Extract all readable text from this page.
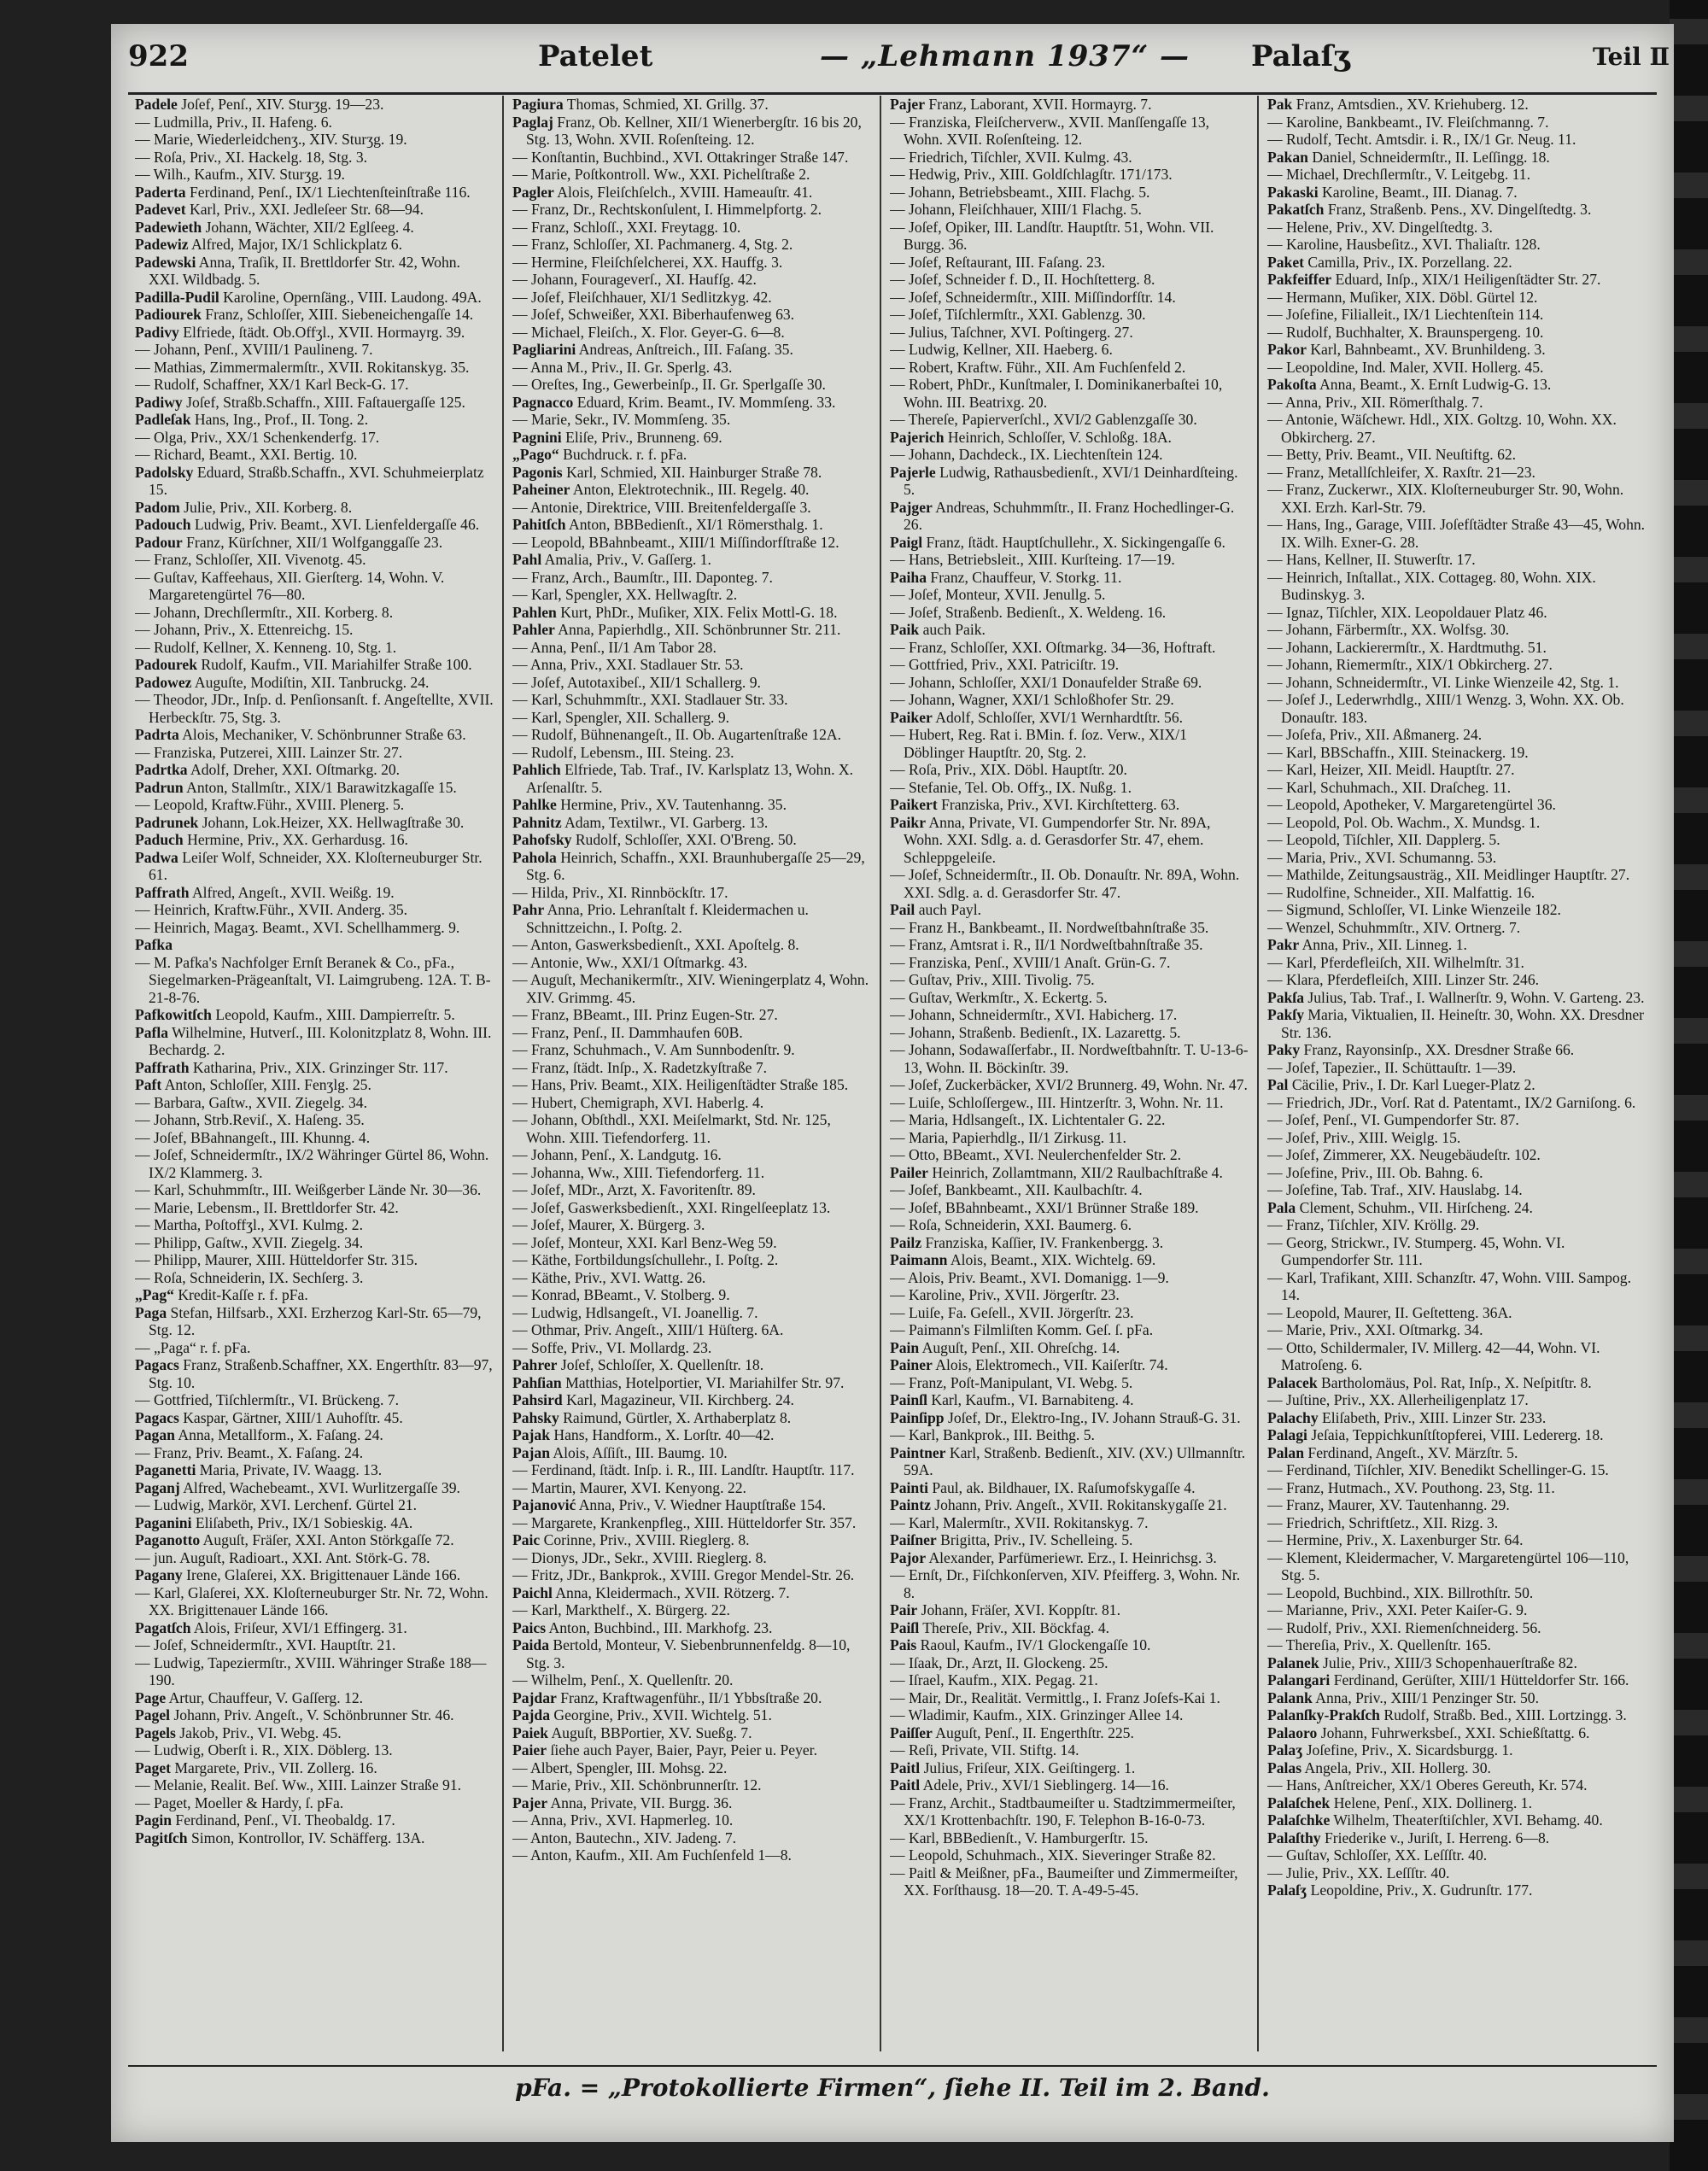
922	Patelet	— „Lehmann 1937“ — Palaſʒ	Teil Ⅱ

Padele Joſef, Penſ., XIV. Sturʒg. 19—23.

— Ludmilla, Priv., II. Hafeng. 6.

— Marie, Wiederleidchenʒ., XIV. Sturʒg. 19.

— Roſa, Priv., XI. Hackelg. 18, Stg. 3.

— Wilh., Kaufm., XIV. Sturʒg. 19.

Paderta Ferdinand, Penſ., IX/1 Liechtenſteinſtraße 116.

Padevet Karl, Priv., XXI. Jedleſeer Str. 68—94.

Padewieth Johann, Wächter, XII/2 Eglſeeg. 4.

Padewiz Alfred, Major, IX/1 Schlickplatz 6.

Padewski Anna, Traſik, II. Brettldorfer Str. 42, Wohn. XXI. Wildbadg. 5.

Padilla-Pudil Karoline, Opernſäng., VIII. Laudong. 49A.

Padiourek Franz, Schloſſer, XIII. Siebeneichengaſſe 14.

Padivy Elfriede, ſtädt. Ob.Offʒl., XVII. Hormayrg. 39.

— Johann, Penſ., XVIII/1 Paulineng. 7.

— Mathias, Zimmermalermſtr., XVII. Rokitanskyg. 35.

— Rudolf, Schaffner, XX/1 Karl Beck-G. 17.

Padiwy Joſef, Straßb.Schaffn., XIII. Faſtauergaſſe 125.

Padleſak Hans, Ing., Prof., II. Tong. 2.

— Olga, Priv., XX/1 Schenkenderfg. 17.

— Richard, Beamt., XXI. Bertig. 10.

Padolsky Eduard, Straßb.Schaffn., XVI. Schuhmeierplatz 15.

Padom Julie, Priv., XII. Korberg. 8.

Padouch Ludwig, Priv. Beamt., XVI. Lienfeldergaſſe 46.

Padour Franz, Kürſchner, XII/1 Wolfganggaſſe 23.

— Franz, Schloſſer, XII. Vivenotg. 45.

— Guſtav, Kaffeehaus, XII. Gierſterg. 14, Wohn. V. Margaretengürtel 76—80.

— Johann, Drechſlermſtr., XII. Korberg. 8.

— Johann, Priv., X. Ettenreichg. 15.

— Rudolf, Kellner, X. Kenneng. 10, Stg. 1.

Padourek Rudolf, Kaufm., VII. Mariahilfer Straße 100.

Padowez Auguſte, Modiſtin, XII. Tanbruckg. 24.

— Theodor, JDr., Inſp. d. Penſionsanſt. f. Angeſtellte, XVII. Herbeckſtr. 75, Stg. 3.

Padrta Alois, Mechaniker, V. Schönbrunner Straße 63.

— Franziska, Putzerei, XIII. Lainzer Str. 27.

Padrtka Adolf, Dreher, XXI. Oſtmarkg. 20.

Padrun Anton, Stallmſtr., XIX/1 Barawitzkagaſſe 15.

— Leopold, Kraftw.Führ., XVIII. Plenerg. 5.

Padrunek Johann, Lok.Heizer, XX. Hellwagſtraße 30.

Paduch Hermine, Priv., XX. Gerhardusg. 16.

Padwa Leiſer Wolf, Schneider, XX. Kloſterneuburger Str. 61.

Paffrath Alfred, Angeſt., XVII. Weißg. 19.

— Heinrich, Kraftw.Führ., XVII. Anderg. 35.

— Heinrich, Magaʒ. Beamt., XVI. Schellhammerg. 9.

Pafka

— M. Pafka's Nachfolger Ernſt Beranek & Co., pFa., Siegelmarken-Prägeanſtalt, VI. Laimgrubeng. 12A. T. B-21-8-76.

Pafkowitſch Leopold, Kaufm., XIII. Dampierreſtr. 5.

Pafla Wilhelmine, Hutverſ., III. Kolonitzplatz 8, Wohn. III. Bechardg. 2.

Paffrath Katharina, Priv., XIX. Grinzinger Str. 117.

Paft Anton, Schloſſer, XIII. Fenʒlg. 25.

— Barbara, Gaſtw., XVII. Ziegelg. 34.

— Johann, Strb.Reviſ., X. Haſeng. 35.

— Joſef, BBahnangeſt., III. Khunng. 4.

— Joſef, Schneidermſtr., IX/2 Währinger Gürtel 86, Wohn. IX/2 Klammerg. 3.

— Karl, Schuhmmſtr., III. Weißgerber Lände Nr. 30—36.

— Marie, Lebensm., II. Brettldorfer Str. 42.

— Martha, Poſtoffʒl., XVI. Kulmg. 2.

— Philipp, Gaſtw., XVII. Ziegelg. 34.

— Philipp, Maurer, XIII. Hütteldorfer Str. 315.

— Roſa, Schneiderin, IX. Sechſerg. 3.

„Pag“ Kredit-Kaſſe r. f. pFa.

Paga Stefan, Hilfsarb., XXI. Erzherzog Karl-Str. 65—79, Stg. 12.

— „Paga“ r. f. pFa.

Pagacs Franz, Straßenb.Schaffner, XX. Engerthſtr. 83—97, Stg. 10.

— Gottfried, Tiſchlermſtr., VI. Brückeng. 7.

Pagacs Kaspar, Gärtner, XIII/1 Auhofſtr. 45.

Pagan Anna, Metallform., X. Faſang. 24.

— Franz, Priv. Beamt., X. Faſang. 24.

Paganetti Maria, Private, IV. Waagg. 13.

Paganj Alfred, Wachebeamt., XVI. Wurlitzergaſſe 39.

— Ludwig, Markör, XVI. Lerchenf. Gürtel 21.

Paganini Eliſabeth, Priv., IX/1 Sobieskig. 4A.

Paganotto Auguſt, Fräſer, XXI. Anton Störkgaſſe 72.

— jun. Auguſt, Radioart., XXI. Ant. Störk-G. 78.

Pagany Irene, Glaſerei, XX. Brigittenauer Lände 166.

— Karl, Glaſerei, XX. Kloſterneuburger Str. Nr. 72, Wohn. XX. Brigittenauer Lände 166.

Pagatſch Alois, Friſeur, XVI/1 Effingerg. 31.

— Joſef, Schneidermſtr., XVI. Hauptſtr. 21.

— Ludwig, Tapeziermſtr., XVIII. Währinger Straße 188—190.

Page Artur, Chauffeur, V. Gaſſerg. 12.

Pagel Johann, Priv. Angeſt., V. Schönbrunner Str. 46.

Pagels Jakob, Priv., VI. Webg. 45.

— Ludwig, Oberſt i. R., XIX. Döblerg. 13.

Paget Margarete, Priv., VII. Zollerg. 16.

— Melanie, Realit. Beſ. Ww., XIII. Lainzer Straße 91.

— Paget, Moeller & Hardy, ſ. pFa.

Pagin Ferdinand, Penſ., VI. Theobaldg. 17.

Pagitſch Simon, Kontrollor, IV. Schäfferg. 13A.

Pagiura Thomas, Schmied, XI. Grillg. 37.

Paglaj Franz, Ob. Kellner, XII/1 Wienerbergſtr. 16 bis 20, Stg. 13, Wohn. XVII. Roſenſteing. 12.

— Konſtantin, Buchbind., XVI. Ottakringer Straße 147.

— Marie, Poſtkontroll. Ww., XXI. Pichelſtraße 2.

Pagler Alois, Fleiſchſelch., XVIII. Hameauſtr. 41.

— Franz, Dr., Rechtskonſulent, I. Himmelpfortg. 2.

— Franz, Schloſſ., XXI. Freytagg. 10.

— Franz, Schloſſer, XI. Pachmanerg. 4, Stg. 2.

— Hermine, Fleiſchſelcherei, XX. Hauffg. 3.

— Johann, Fourageverſ., XI. Haufſg. 42.

— Joſef, Fleiſchhauer, XI/1 Sedlitzkyg. 42.

— Joſef, Schweißer, XXI. Biberhaufenweg 63.

— Michael, Fleiſch., X. Flor. Geyer-G. 6—8.

Pagliarini Andreas, Anſtreich., III. Faſang. 35.

— Anna M., Priv., II. Gr. Sperlg. 43.

— Oreſtes, Ing., Gewerbeinſp., II. Gr. Sperlgaſſe 30.

Pagnacco Eduard, Krim. Beamt., IV. Mommſeng. 33.

— Marie, Sekr., IV. Mommſeng. 35.

Pagnini Eliſe, Priv., Brunneng. 69.

„Pago“ Buchdruck. r. f. pFa.

Pagonis Karl, Schmied, XII. Hainburger Straße 78.

Paheiner Anton, Elektrotechnik., III. Regelg. 40.

— Antonie, Direktrice, VIII. Breitenfeldergaſſe 3.

Pahitſch Anton, BBBedienſt., XI/1 Römersthalg. 1.

— Leopold, BBahnbeamt., XIII/1 Miſſindorfſtraße 12.

Pahl Amalia, Priv., V. Gaſſerg. 1.

— Franz, Arch., Baumſtr., III. Daponteg. 7.

— Karl, Spengler, XX. Hellwagſtr. 2.

Pahlen Kurt, PhDr., Muſiker, XIX. Felix Mottl-G. 18.

Pahler Anna, Papierhdlg., XII. Schönbrunner Str. 211.

— Anna, Penſ., II/1 Am Tabor 28.

— Anna, Priv., XXI. Stadlauer Str. 53.

— Joſef, Autotaxibeſ., XII/1 Schallerg. 9.

— Karl, Schuhmmſtr., XXI. Stadlauer Str. 33.

— Karl, Spengler, XII. Schallerg. 9.

— Rudolf, Bühnenangeſt., II. Ob. Augartenſtraße 12A.

— Rudolf, Lebensm., III. Steing. 23.

Pahlich Elfriede, Tab. Traf., IV. Karlsplatz 13, Wohn. X. Arſenalſtr. 5.

Pahlke Hermine, Priv., XV. Tautenhanng. 35.

Pahnitz Adam, Textilwr., VI. Garberg. 13.

Pahofsky Rudolf, Schloſſer, XXI. O'Breng. 50.

Pahola Heinrich, Schaffn., XXI. Braunhubergaſſe 25—29, Stg. 6.

— Hilda, Priv., XI. Rinnböckſtr. 17.

Pahr Anna, Prio. Lehranſtalt f. Kleidermachen u. Schnittzeichn., I. Poſtg. 2.

— Anton, Gaswerksbedienſt., XXI. Apoſtelg. 8.

— Antonie, Ww., XXI/1 Oſtmarkg. 43.

— Auguſt, Mechanikermſtr., XIV. Wieningerplatz 4, Wohn. XIV. Grimmg. 45.

— Franz, BBeamt., III. Prinz Eugen-Str. 27.

— Franz, Penſ., II. Dammhaufen 60B.

— Franz, Schuhmach., V. Am Sunnbodenſtr. 9.

— Franz, ſtädt. Inſp., X. Radetzkyſtraße 7.

— Hans, Priv. Beamt., XIX. Heiligenſtädter Straße 185.

— Hubert, Chemigraph, XVI. Haberlg. 4.

— Johann, Obſthdl., XXI. Meiſelmarkt, Std. Nr. 125, Wohn. XIII. Tiefendorferg. 11.

— Johann, Penſ., X. Landgutg. 16.

— Johanna, Ww., XIII. Tiefendorferg. 11.

— Joſef, MDr., Arzt, X. Favoritenſtr. 89.

— Joſef, Gaswerksbedienſt., XXI. Ringelſeeplatz 13.

— Joſef, Maurer, X. Bürgerg. 3.

— Joſef, Monteur, XXI. Karl Benz-Weg 59.

— Käthe, Fortbildungsſchullehr., I. Poſtg. 2.

— Käthe, Priv., XVI. Wattg. 26.

— Konrad, BBeamt., V. Stolberg. 9.

— Ludwig, Hdlsangeſt., VI. Joanellig. 7.

— Othmar, Priv. Angeſt., XIII/1 Hüſterg. 6A.

— Soffe, Priv., VI. Mollardg. 23.

Pahrer Joſef, Schloſſer, X. Quellenſtr. 18.

Pahſian Matthias, Hotelportier, VI. Mariahilfer Str. 97.

Pahsird Karl, Magazineur, VII. Kirchberg. 24.

Pahsky Raimund, Gürtler, X. Arthaberplatz 8.

Pajak Hans, Handform., X. Lorſtr. 40—42.

Pajan Alois, Aſſiſt., III. Baumg. 10.

— Ferdinand, ſtädt. Inſp. i. R., III. Landſtr. Hauptſtr. 117.

— Martin, Maurer, XVI. Kenyong. 22.

Pajanović Anna, Priv., V. Wiedner Hauptſtraße 154.

— Margarete, Krankenpfleg., XIII. Hütteldorfer Str. 357.

Paic Corinne, Priv., XVIII. Rieglerg. 8.

— Dionys, JDr., Sekr., XVIII. Rieglerg. 8.

— Fritz, JDr., Bankprok., XVIII. Gregor Mendel-Str. 26.

Paichl Anna, Kleidermach., XVII. Rötzerg. 7.

— Karl, Markthelf., X. Bürgerg. 22.

Paics Anton, Buchbind., III. Markhofg. 23.

Paida Bertold, Monteur, V. Siebenbrunnenfeldg. 8—10, Stg. 3.

— Wilhelm, Penſ., X. Quellenſtr. 20.

Pajdar Franz, Kraftwagenführ., II/1 Ybbsſtraße 20.

Pajda Georgine, Priv., XVII. Wichtelg. 51.

Paiek Auguſt, BBPortier, XV. Sueßg. 7.

Paier ſiehe auch Payer, Baier, Payr, Peier u. Peyer.

— Albert, Spengler, III. Mohsg. 22.

— Marie, Priv., XII. Schönbrunnerſtr. 12.

Pajer Anna, Private, VII. Burgg. 36.

— Anna, Priv., XVI. Hapmerleg. 10.

— Anton, Bautechn., XIV. Jadeng. 7.

— Anton, Kaufm., XII. Am Fuchſenfeld 1—8.

Pajer Franz, Laborant, XVII. Hormayrg. 7.

— Franziska, Fleiſcherverw., XVII. Manſſengaſſe 13, Wohn. XVII. Roſenſteing. 12.

— Friedrich, Tiſchler, XVII. Kulmg. 43.

— Hedwig, Priv., XIII. Goldſchlagſtr. 171/173.

— Johann, Betriebsbeamt., XIII. Flachg. 5.

— Johann, Fleiſchhauer, XIII/1 Flachg. 5.

— Joſef, Opiker, III. Landſtr. Hauptſtr. 51, Wohn. VII. Burgg. 36.

— Joſef, Reſtaurant, III. Faſang. 23.

— Joſef, Schneider f. D., II. Hochſtetterg. 8.

— Joſef, Schneidermſtr., XIII. Miſſindorfſtr. 14.

— Joſef, Tiſchlermſtr., XXI. Gablenzg. 30.

— Julius, Taſchner, XVI. Poſtingerg. 27.

— Ludwig, Kellner, XII. Haeberg. 6.

— Robert, Kraftw. Führ., XII. Am Fuchſenfeld 2.

— Robert, PhDr., Kunſtmaler, I. Dominikanerbaſtei 10, Wohn. III. Beatrixg. 20.

— Thereſe, Papierverſchl., XVI/2 Gablenzgaſſe 30.

Pajerich Heinrich, Schloſſer, V. Schloßg. 18A.

— Johann, Dachdeck., IX. Liechtenſtein 124.

Pajerle Ludwig, Rathausbedienſt., XVI/1 Deinhardſteing. 5.

Pajger Andreas, Schuhmmſtr., II. Franz Hochedlinger-G. 26.

Paigl Franz, ſtädt. Hauptſchullehr., X. Sickingengaſſe 6.

— Hans, Betriebsleit., XIII. Kurſteing. 17—19.

Paiha Franz, Chauffeur, V. Storkg. 11.

— Joſef, Monteur, XVII. Jenullg. 5.

— Joſef, Straßenb. Bedienſt., X. Weldeng. 16.

Paik auch Paik.

— Franz, Schloſſer, XXI. Oſtmarkg. 34—36, Hoftraft.

— Gottfried, Priv., XXI. Patriciſtr. 19.

— Johann, Schloſſer, XXI/1 Donaufelder Straße 69.

— Johann, Wagner, XXI/1 Schloßhofer Str. 29.

Paiker Adolf, Schloſſer, XVI/1 Wernhardtſtr. 56.

— Hubert, Reg. Rat i. BMin. f. ſoz. Verw., XIX/1 Döblinger Hauptſtr. 20, Stg. 2.

— Roſa, Priv., XIX. Döbl. Hauptſtr. 20.

— Stefanie, Tel. Ob. Offʒ., IX. Nußg. 1.

Paikert Franziska, Priv., XVI. Kirchſtetterg. 63.

Paikr Anna, Private, VI. Gumpendorfer Str. Nr. 89A, Wohn. XXI. Sdlg. a. d. Gerasdorfer Str. 47, ehem. Schleppgeleiſe.

— Joſef, Schneidermſtr., II. Ob. Donauſtr. Nr. 89A, Wohn. XXI. Sdlg. a. d. Gerasdorfer Str. 47.

Pail auch Payl.

— Franz H., Bankbeamt., II. Nordweſtbahnſtraße 35.

— Franz, Amtsrat i. R., II/1 Nordweſtbahnſtraße 35.

— Franziska, Penſ., XVIII/1 Anaſt. Grün-G. 7.

— Guſtav, Priv., XIII. Tivolig. 75.

— Guſtav, Werkmſtr., X. Eckertg. 5.

— Johann, Schneidermſtr., XVI. Habicherg. 17.

— Johann, Straßenb. Bedienſt., IX. Lazarettg. 5.

— Johann, Sodawaſſerfabr., II. Nordweſtbahnſtr. T. U-13-6-13, Wohn. II. Böckinſtr. 39.

— Joſef, Zuckerbäcker, XVI/2 Brunnerg. 49, Wohn. Nr. 47.

— Luiſe, Schloſſergew., III. Hintzerſtr. 3, Wohn. Nr. 11.

— Maria, Hdlsangeſt., IX. Lichtentaler G. 22.

— Maria, Papierhdlg., II/1 Zirkusg. 11.

— Otto, BBeamt., XVI. Neulerchenfelder Str. 2.

Pailer Heinrich, Zollamtmann, XII/2 Raulbachſtraße 4.

— Joſef, Bankbeamt., XII. Kaulbachſtr. 4.

— Joſef, BBahnbeamt., XXI/1 Brünner Straße 189.

— Roſa, Schneiderin, XXI. Baumerg. 6.

Pailz Franziska, Kaſſier, IV. Frankenbergg. 3.

Paimann Alois, Beamt., XIX. Wichtelg. 69.

— Alois, Priv. Beamt., XVI. Domanigg. 1—9.

— Karoline, Priv., XVII. Jörgerſtr. 23.

— Luiſe, Fa. Geſell., XVII. Jörgerſtr. 23.

— Paimann's Filmliſten Komm. Geſ. ſ. pFa.

Pain Auguſt, Penſ., XII. Ohreſchg. 14.

Painer Alois, Elektromech., VII. Kaiſerſtr. 74.

— Franz, Poſt-Manipulant, VI. Webg. 5.

Painſl Karl, Kaufm., VI. Barnabiteng. 4.

Painſipp Joſef, Dr., Elektro-Ing., IV. Johann Strauß-G. 31.

— Karl, Bankprok., III. Beithg. 5.

Paintner Karl, Straßenb. Bedienſt., XIV. (XV.) Ullmannſtr. 59A.

Painti Paul, ak. Bildhauer, IX. Raſumofskygaſſe 4.

Paintz Johann, Priv. Angeſt., XVII. Rokitanskygaſſe 21.

— Karl, Malermſtr., XVII. Rokitanskyg. 7.

Paiſner Brigitta, Priv., IV. Schelleing. 5.

Pajor Alexander, Parfümeriewr. Erz., I. Heinrichsg. 3.

— Ernſt, Dr., Fiſchkonſerven, XIV. Pfeifferg. 3, Wohn. Nr. 8.

Pair Johann, Fräſer, XVI. Koppſtr. 81.

Paiſl Thereſe, Priv., XII. Böckfag. 4.

Pais Raoul, Kaufm., IV/1 Glockengaſſe 10.

— Iſaak, Dr., Arzt, II. Glockeng. 25.

— Iſrael, Kaufm., XIX. Pegag. 21.

— Mair, Dr., Realität. Vermittlg., I. Franz Joſefs-Kai 1.

— Wladimir, Kaufm., XIX. Grinzinger Allee 14.

Paiſſer Auguſt, Penſ., II. Engerthſtr. 225.

— Reſi, Private, VII. Stiftg. 14.

Paitl Julius, Friſeur, XIX. Geiſtingerg. 1.

Paitl Adele, Priv., XVI/1 Sieblingerg. 14—16.

— Franz, Archit., Stadtbaumeiſter u. Stadtzimmermeiſter, XX/1 Krottenbachſtr. 190, F. Telephon B-16-0-73.

— Karl, BBBedienſt., V. Hamburgerſtr. 15.

— Leopold, Schuhmach., XIX. Sieveringer Straße 82.

— Paitl & Meißner, pFa., Baumeiſter und Zimmermeiſter, XX. Forſthausg. 18—20. T. A-49-5-45.

Pak Franz, Amtsdien., XV. Kriehuberg. 12.

— Karoline, Bankbeamt., IV. Fleiſchmanng. 7.

— Rudolf, Techt. Amtsdir. i. R., IX/1 Gr. Neug. 11.

Pakan Daniel, Schneidermſtr., II. Leſſingg. 18.

— Michael, Drechſlermſtr., V. Leitgebg. 11.

Pakaski Karoline, Beamt., III. Dianag. 7.

Pakatſch Franz, Straßenb. Pens., XV. Dingelſtedtg. 3.

— Helene, Priv., XV. Dingelſtedtg. 3.

— Karoline, Hausbeſitz., XVI. Thaliaſtr. 128.

Paket Camilla, Priv., IX. Porzellang. 22.

Pakfeiffer Eduard, Inſp., XIX/1 Heiligenſtädter Str. 27.

— Hermann, Muſiker, XIX. Döbl. Gürtel 12.

— Joſefine, Filialleit., IX/1 Liechtenſtein 114.

— Rudolf, Buchhalter, X. Braunspergeng. 10.

Pakor Karl, Bahnbeamt., XV. Brunhildeng. 3.

— Leopoldine, Ind. Maler, XVII. Hollerg. 45.

Pakoſta Anna, Beamt., X. Ernſt Ludwig-G. 13.

— Anna, Priv., XII. Römerſthalg. 7.

— Antonie, Wäſchewr. Hdl., XIX. Goltzg. 10, Wohn. XX. Obkircherg. 27.

— Betty, Priv. Beamt., VII. Neuſtiftg. 62.

— Franz, Metallſchleifer, X. Raxſtr. 21—23.

— Franz, Zuckerwr., XIX. Kloſterneuburger Str. 90, Wohn. XXI. Erzh. Karl-Str. 79.

— Hans, Ing., Garage, VIII. Joſefſtädter Straße 43—45, Wohn. IX. Wilh. Exner-G. 28.

— Hans, Kellner, II. Stuwerſtr. 17.

— Heinrich, Inſtallat., XIX. Cottageg. 80, Wohn. XIX. Budinskyg. 3.

— Ignaz, Tiſchler, XIX. Leopoldauer Platz 46.

— Johann, Färbermſtr., XX. Wolfsg. 30.

— Johann, Lackierermſtr., X. Hardtmuthg. 51.

— Johann, Riemermſtr., XIX/1 Obkircherg. 27.

— Johann, Schneidermſtr., VI. Linke Wienzeile 42, Stg. 1.

— Joſef J., Lederwrhdlg., XIII/1 Wenzg. 3, Wohn. XX. Ob. Donauſtr. 183.

— Joſefa, Priv., XII. Aßmanerg. 24.

— Karl, BBSchaffn., XIII. Steinackerg. 19.

— Karl, Heizer, XII. Meidl. Hauptſtr. 27.

— Karl, Schuhmach., XII. Draſcheg. 11.

— Leopold, Apotheker, V. Margaretengürtel 36.

— Leopold, Pol. Ob. Wachm., X. Mundsg. 1.

— Leopold, Tiſchler, XII. Dapplerg. 5.

— Maria, Priv., XVI. Schumanng. 53.

— Mathilde, Zeitungsausträg., XII. Meidlinger Hauptſtr. 27.

— Rudolfine, Schneider., XII. Malfattig. 16.

— Sigmund, Schloſſer, VI. Linke Wienzeile 182.

— Wenzel, Schuhmmſtr., XIV. Ortnerg. 7.

Pakr Anna, Priv., XII. Linneg. 1.

— Karl, Pferdefleiſch, XII. Wilhelmſtr. 31.

— Klara, Pferdefleiſch, XIII. Linzer Str. 246.

Pakſa Julius, Tab. Traf., I. Wallnerſtr. 9, Wohn. V. Garteng. 23.

Pakſy Maria, Viktualien, II. Heineſtr. 30, Wohn. XX. Dresdner Str. 136.

Paky Franz, Rayonsinſp., XX. Dresdner Straße 66.

— Joſef, Tapezier., II. Schüttauſtr. 1—39.

Pal Cäcilie, Priv., I. Dr. Karl Lueger-Platz 2.

— Friedrich, JDr., Vorſ. Rat d. Patentamt., IX/2 Garniſong. 6.

— Joſef, Penſ., VI. Gumpendorfer Str. 87.

— Joſef, Priv., XIII. Weiglg. 15.

— Joſef, Zimmerer, XX. Neugebäudeſtr. 102.

— Joſefine, Priv., III. Ob. Bahng. 6.

— Joſefine, Tab. Traf., XIV. Hauslabg. 14.

Pala Clement, Schuhm., VII. Hirſcheng. 24.

— Franz, Tiſchler, XIV. Kröllg. 29.

— Georg, Strickwr., IV. Stumperg. 45, Wohn. VI. Gumpendorfer Str. 111.

— Karl, Trafikant, XIII. Schanzſtr. 47, Wohn. VIII. Sampog. 14.

— Leopold, Maurer, II. Geſtetteng. 36A.

— Marie, Priv., XXI. Oſtmarkg. 34.

— Otto, Schildermaler, IV. Millerg. 42—44, Wohn. VI. Matroſeng. 6.

Palacek Bartholomäus, Pol. Rat, Inſp., X. Neſpitſtr. 8.

— Juſtine, Priv., XX. Allerheiligenplatz 17.

Palachy Eliſabeth, Priv., XIII. Linzer Str. 233.

Palagi Jeſaia, Teppichkunſtſtopferei, VIII. Ledererg. 18.

Palan Ferdinand, Angeſt., XV. Märzſtr. 5.

— Ferdinand, Tiſchler, XIV. Benedikt Schellinger-G. 15.

— Franz, Hutmach., XV. Pouthong. 23, Stg. 11.

— Franz, Maurer, XV. Tautenhanng. 29.

— Friedrich, Schriftſetz., XII. Rizg. 3.

— Hermine, Priv., X. Laxenburger Str. 64.

— Klement, Kleidermacher, V. Margaretengürtel 106—110, Stg. 5.

— Leopold, Buchbind., XIX. Billrothſtr. 50.

— Marianne, Priv., XXI. Peter Kaiſer-G. 9.

— Rudolf, Priv., XXI. Riemenſchneiderg. 56.

— Thereſia, Priv., X. Quellenſtr. 165.

Palanek Julie, Priv., XIII/3 Schopenhauerſtraße 82.

Palangari Ferdinand, Gerüſter, XIII/1 Hütteldorfer Str. 166.

Palank Anna, Priv., XIII/1 Penzinger Str. 50.

Palanſky-Prakſch Rudolf, Straßb. Bed., XIII. Lortzingg. 3.

Palaoro Johann, Fuhrwerksbeſ., XXI. Schießſtattg. 6.

Palaʒ Joſefine, Priv., X. Sicardsburgg. 1.

Palas Angela, Priv., XII. Hollerg. 30.

— Hans, Anſtreicher, XX/1 Oberes Gereuth, Kr. 574.

Palaſchek Helene, Penſ., XIX. Dollinerg. 1.

Palaſchke Wilhelm, Theaterſtiſchler, XVI. Behamg. 40.

Palaſthy Friederike v., Juriſt, I. Herreng. 6—8.

— Guſtav, Schloſſer, XX. Leſſſtr. 40.

— Julie, Priv., XX. Leſſſtr. 40.

Palaſʒ Leopoldine, Priv., X. Gudrunſtr. 177.

pFa. = „Protokollierte Firmen“, ſiehe II. Teil im 2. Band.
